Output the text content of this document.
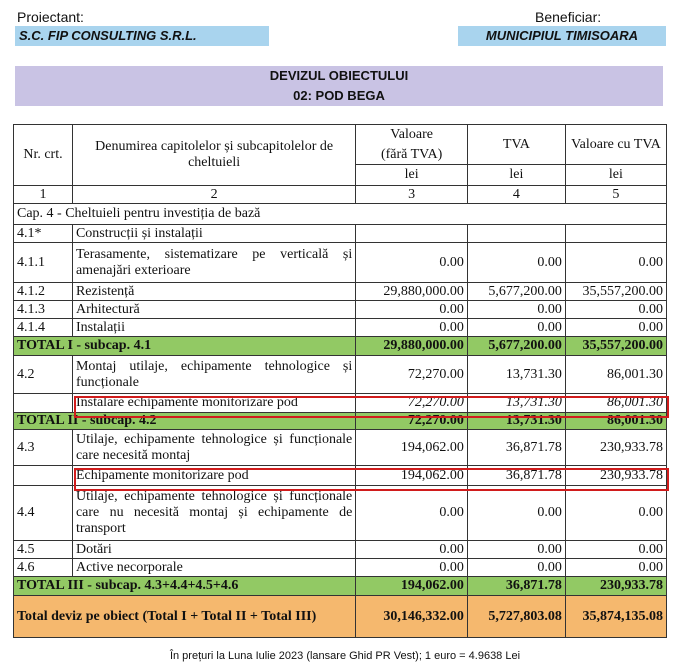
Proiectant:
S.C. FIP CONSULTING S.R.L.
Beneficiar:
MUNICIPIUL TIMISOARA
DEVIZUL OBIECTULUI
02: POD BEGA
Nr. crt.	Denumirea capitolelor și subcapitolelor de cheltuieli	Valoare	TVA	Valoare cu TVA
		(fără TVA)		
		lei	lei	lei
1	2	3	4	5
Cap. 4 - Cheltuieli pentru investiția de bază				
4.1*	Construcții și instalații			
4.1.1	Terasamente, sistematizare pe verticală și amenajări exterioare	0.00	0.00	0.00
4.1.2	Rezistență	29,880,000.00	5,677,200.00	35,557,200.00
4.1.3	Arhitectură	0.00	0.00	0.00
4.1.4	Instalații	0.00	0.00	0.00
TOTAL I - subcap. 4.1		29,880,000.00	5,677,200.00	35,557,200.00
4.2	Montaj utilaje, echipamente tehnologice și funcționale	72,270.00	13,731.30	86,001.30
	Instalare echipamente monitorizare pod	72,270.00	13,731.30	86,001.30
TOTAL II - subcap. 4.2		72,270.00	13,731.30	86,001.30
4.3	Utilaje, echipamente tehnologice și funcționale care necesită montaj	194,062.00	36,871.78	230,933.78
	Echipamente monitorizare pod	194,062.00	36,871.78	230,933.78
4.4	Utilaje, echipamente tehnologice și funcționale care nu necesită montaj și echipamente de transport	0.00	0.00	0.00
4.5	Dotări	0.00	0.00	0.00
4.6	Active necorporale	0.00	0.00	0.00
TOTAL III - subcap. 4.3+4.4+4.5+4.6		194,062.00	36,871.78	230,933.78
Total deviz pe obiect (Total I + Total II + Total III)		30,146,332.00	5,727,803.08	35,874,135.08
În prețuri la Luna Iulie 2023 (lansare Ghid PR Vest); 1 euro = 4.9638 Lei
